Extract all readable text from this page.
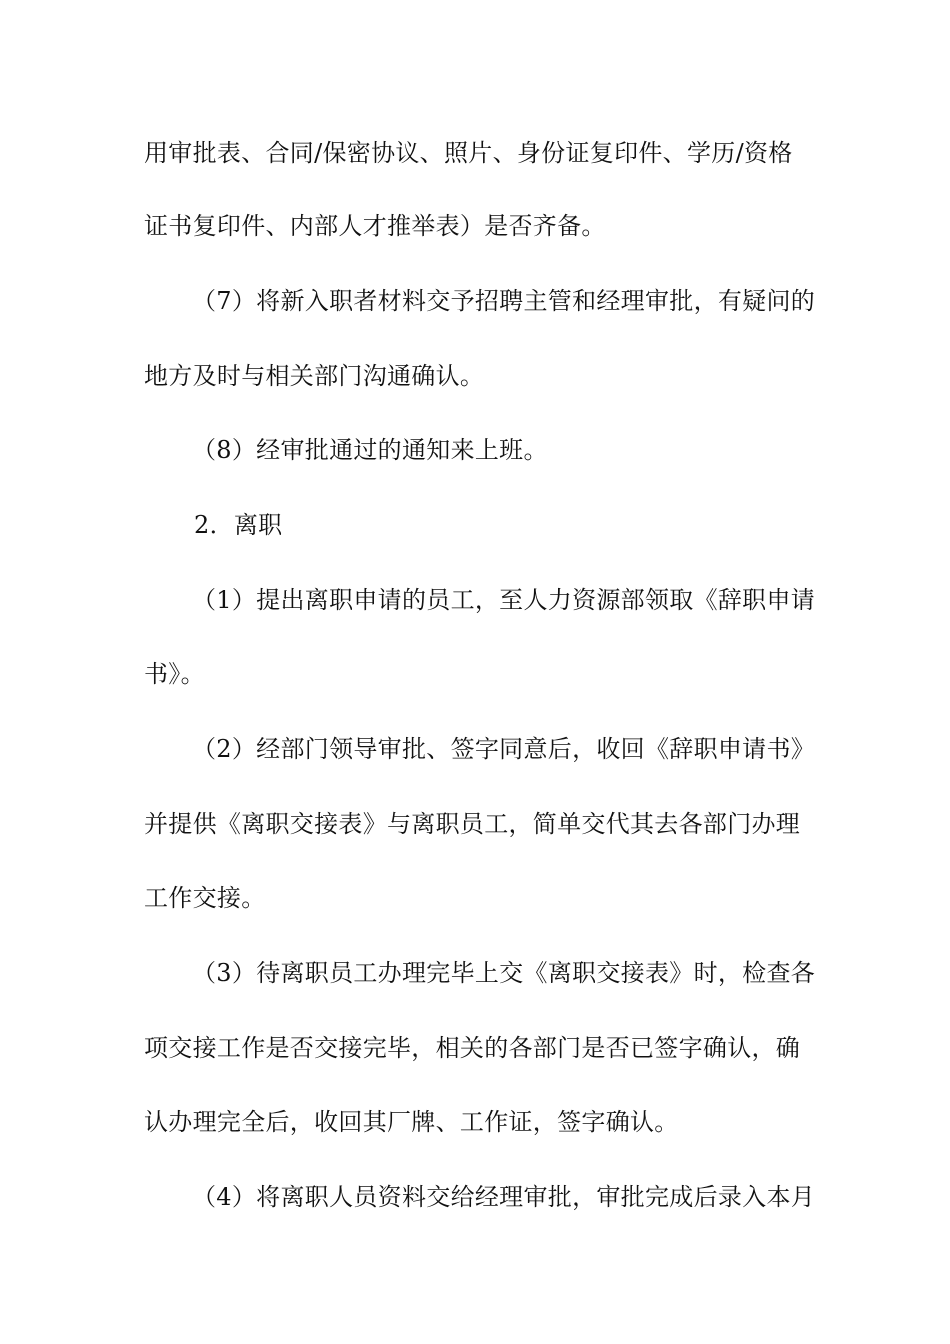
用审批表、合同/保密协议、照片、身份证复印件、学历/资格
证书复印件、内部人才推举表）是否齐备。
（7）将新入职者材料交予招聘主管和经理审批，有疑问的
地方及时与相关部门沟通确认。
（8）经审批通过的通知来上班。
2．离职
（1）提出离职申请的员工，至人力资源部领取《辞职申请
书》。
（2）经部门领导审批、签字同意后，收回《辞职申请书》
并提供《离职交接表》与离职员工，简单交代其去各部门办理
工作交接。
（3）待离职员工办理完毕上交《离职交接表》时，检查各
项交接工作是否交接完毕，相关的各部门是否已签字确认，确
认办理完全后，收回其厂牌、工作证，签字确认。
（4）将离职人员资料交给经理审批，审批完成后录入本月
